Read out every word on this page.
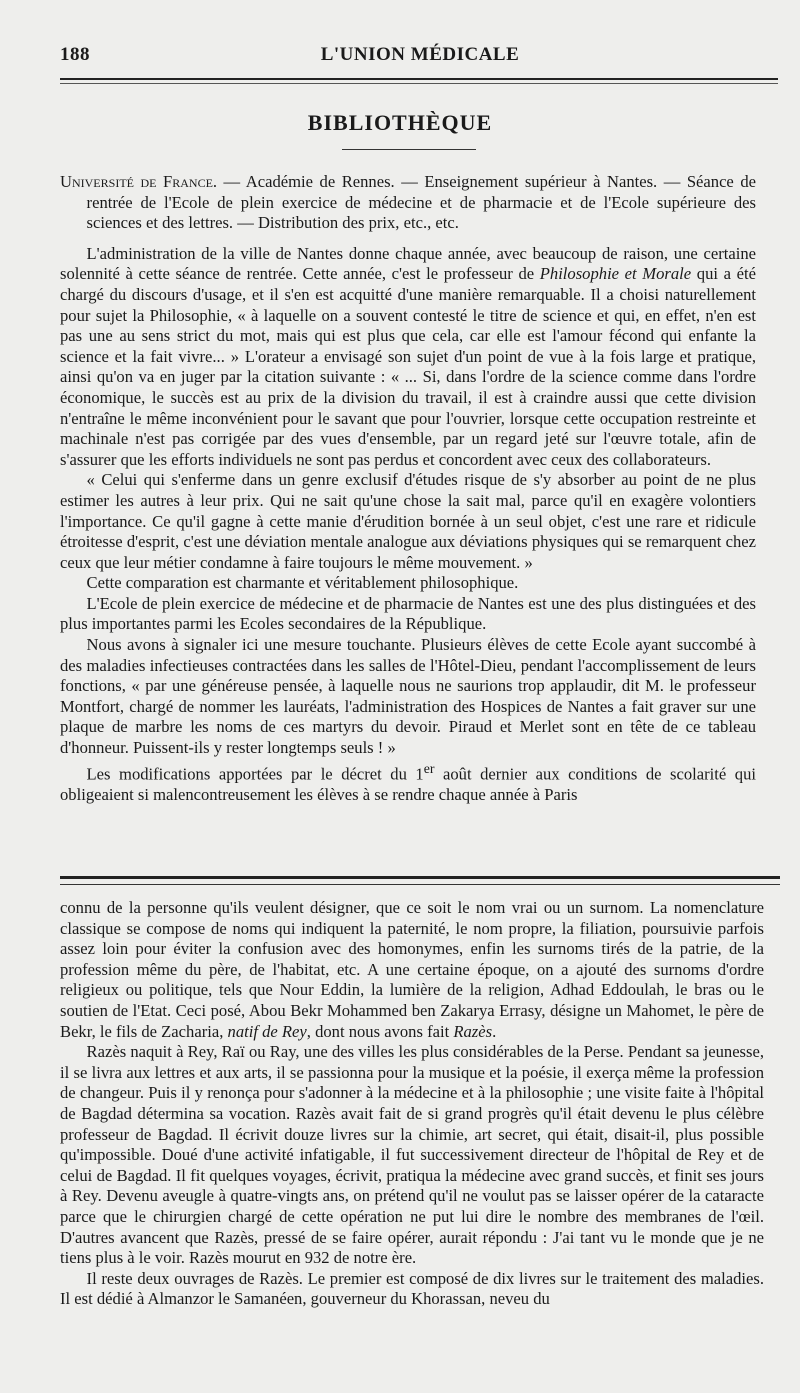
188	L'UNION MÉDICALE
BIBLIOTHÈQUE

Université de France. — Académie de Rennes. — Enseignement supérieur à Nantes. — Séance de rentrée de l'Ecole de plein exercice de médecine et de pharmacie et de l'Ecole supérieure des sciences et des lettres. — Distribution des prix, etc., etc.

L'administration de la ville de Nantes donne chaque année, avec beaucoup de raison, une certaine solennité à cette séance de rentrée. Cette année, c'est le professeur de Philosophie et Morale qui a été chargé du discours d'usage, et il s'en est acquitté d'une manière remarquable. Il a choisi naturellement pour sujet la Philosophie, « à laquelle on a souvent contesté le titre de science et qui, en effet, n'en est pas une au sens strict du mot, mais qui est plus que cela, car elle est l'amour fécond qui enfante la science et la fait vivre... » L'orateur a envisagé son sujet d'un point de vue à la fois large et pratique, ainsi qu'on va en juger par la citation suivante : « ... Si, dans l'ordre de la science comme dans l'ordre économique, le succès est au prix de la division du travail, il est à craindre aussi que cette division n'entraîne le même inconvénient pour le savant que pour l'ouvrier, lorsque cette occupation restreinte et machinale n'est pas corrigée par des vues d'ensemble, par un regard jeté sur l'œuvre totale, afin de s'assurer que les efforts individuels ne sont pas perdus et concordent avec ceux des collaborateurs.

« Celui qui s'enferme dans un genre exclusif d'études risque de s'y absorber au point de ne plus estimer les autres à leur prix. Qui ne sait qu'une chose la sait mal, parce qu'il en exagère volontiers l'importance. Ce qu'il gagne à cette manie d'érudition bornée à un seul objet, c'est une rare et ridicule étroitesse d'esprit, c'est une déviation mentale analogue aux déviations physiques qui se remarquent chez ceux que leur métier condamne à faire toujours le même mouvement. »

Cette comparation est charmante et véritablement philosophique.

L'Ecole de plein exercice de médecine et de pharmacie de Nantes est une des plus distinguées et des plus importantes parmi les Ecoles secondaires de la République.

Nous avons à signaler ici une mesure touchante. Plusieurs élèves de cette Ecole ayant succombé à des maladies infectieuses contractées dans les salles de l'Hôtel-Dieu, pendant l'accomplissement de leurs fonctions, « par une généreuse pensée, à laquelle nous ne saurions trop applaudir, dit M. le professeur Montfort, chargé de nommer les lauréats, l'administration des Hospices de Nantes a fait graver sur une plaque de marbre les noms de ces martyrs du devoir. Piraud et Merlet sont en tête de ce tableau d'honneur. Puissent-ils y rester longtemps seuls ! »

Les modifications apportées par le décret du 1er août dernier aux conditions de scolarité qui obligeaient si malencontreusement les élèves à se rendre chaque année à Paris

connu de la personne qu'ils veulent désigner, que ce soit le nom vrai ou un surnom. La nomenclature classique se compose de noms qui indiquent la paternité, le nom propre, la filiation, poursuivie parfois assez loin pour éviter la confusion avec des homonymes, enfin les surnoms tirés de la patrie, de la profession même du père, de l'habitat, etc. A une certaine époque, on a ajouté des surnoms d'ordre religieux ou politique, tels que Nour Eddin, la lumière de la religion, Adhad Eddoulah, le bras ou le soutien de l'Etat. Ceci posé, Abou Bekr Mohammed ben Zakarya Errasy, désigne un Mahomet, le père de Bekr, le fils de Zacharia, natif de Rey, dont nous avons fait Razès.

Razès naquit à Rey, Raï ou Ray, une des villes les plus considérables de la Perse. Pendant sa jeunesse, il se livra aux lettres et aux arts, il se passionna pour la musique et la poésie, il exerça même la profession de changeur. Puis il y renonça pour s'adonner à la médecine et à la philosophie ; une visite faite à l'hôpital de Bagdad détermina sa vocation. Razès avait fait de si grand progrès qu'il était devenu le plus célèbre professeur de Bagdad. Il écrivit douze livres sur la chimie, art secret, qui était, disait-il, plus possible qu'impossible. Doué d'une activité infatigable, il fut successivement directeur de l'hôpital de Rey et de celui de Bagdad. Il fit quelques voyages, écrivit, pratiqua la médecine avec grand succès, et finit ses jours à Rey. Devenu aveugle à quatre-vingts ans, on prétend qu'il ne voulut pas se laisser opérer de la cataracte parce que le chirurgien chargé de cette opération ne put lui dire le nombre des membranes de l'œil. D'autres avancent que Razès, pressé de se faire opérer, aurait répondu : J'ai tant vu le monde que je ne tiens plus à le voir. Razès mourut en 932 de notre ère.

Il reste deux ouvrages de Razès. Le premier est composé de dix livres sur le traitement des maladies. Il est dédié à Almanzor le Samanéen, gouverneur du Khorassan, neveu du
